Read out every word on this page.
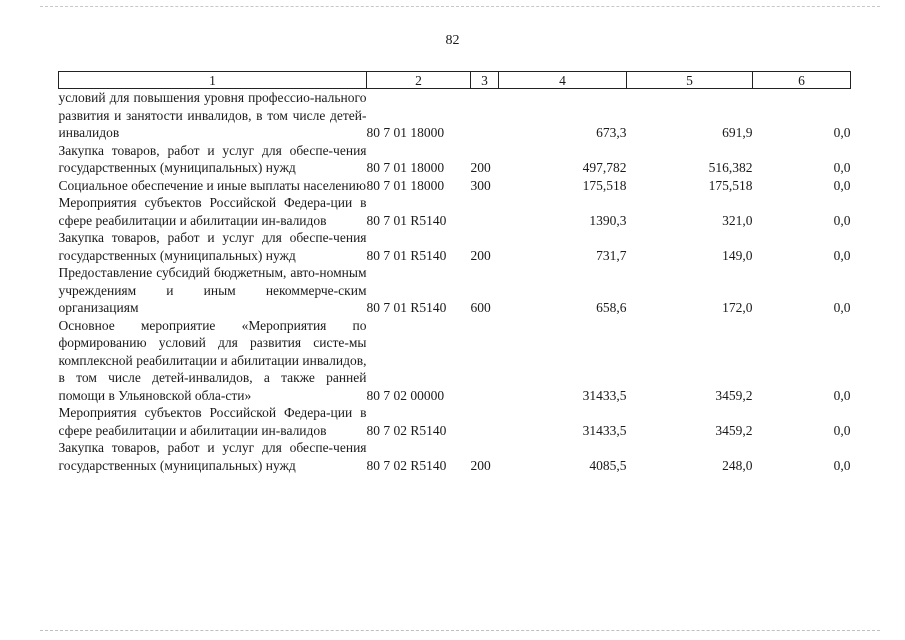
82
1	2	3	4	5	6
условий для повышения уровня профессио-нального развития и занятости инвалидов, в том числе детей-инвалидов	80 7 01 18000		673,3	691,9	0,0
Закупка товаров, работ и услуг для обеспе-чения государственных (муниципальных) нужд	80 7 01 18000	200	497,782	516,382	0,0
Социальное обеспечение и иные выплаты населению	80 7 01 18000	300	175,518	175,518	0,0
Мероприятия субъектов Российской Федера-ции в сфере реабилитации и абилитации ин-валидов	80 7 01 R5140		1390,3	321,0	0,0
Закупка товаров, работ и услуг для обеспе-чения государственных (муниципальных) нужд	80 7 01 R5140	200	731,7	149,0	0,0
Предоставление субсидий бюджетным, авто-номным учреждениям и иным некоммерче-ским организациям	80 7 01 R5140	600	658,6	172,0	0,0
Основное мероприятие «Мероприятия по формированию условий для развития систе-мы комплексной реабилитации и абилитации инвалидов, в том числе детей-инвалидов, а также ранней помощи в Ульяновской обла-сти»	80 7 02 00000		31433,5	3459,2	0,0
Мероприятия субъектов Российской Федера-ции в сфере реабилитации и абилитации ин-валидов	80 7 02 R5140		31433,5	3459,2	0,0
Закупка товаров, работ и услуг для обеспе-чения государственных (муниципальных) нужд	80 7 02 R5140	200	4085,5	248,0	0,0
